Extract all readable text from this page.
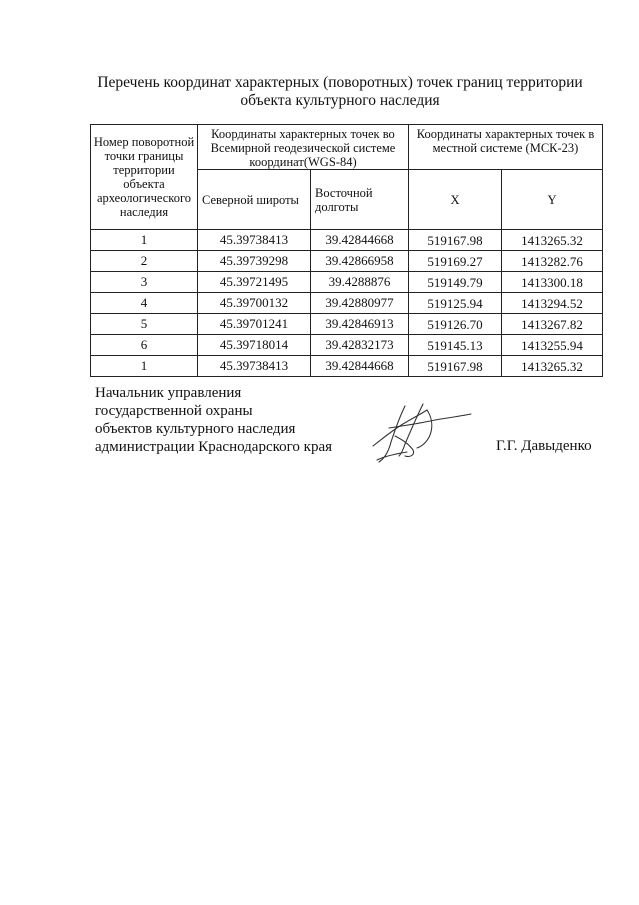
Перечень координат характерных (поворотных) точек границ территории
объекта культурного наследия
Номер поворотной точки границы территории объекта археологического наследия	Координаты характерных точек во Всемирной геодезической системе координат(WGS-84)		Координаты характерных точек в местной системе (МСК-23)	
	Северной широты	Восточной долготы	X	Y
1	45.39738413	39.42844668	519167.98	1413265.32
2	45.39739298	39.42866958	519169.27	1413282.76
3	45.39721495	39.4288876	519149.79	1413300.18
4	45.39700132	39.42880977	519125.94	1413294.52
5	45.39701241	39.42846913	519126.70	1413267.82
6	45.39718014	39.42832173	519145.13	1413255.94
1	45.39738413	39.42844668	519167.98	1413265.32
Начальник управления
государственной охраны
объектов культурного наследия
администрации Краснодарского края	Г.Г. Давыденко
